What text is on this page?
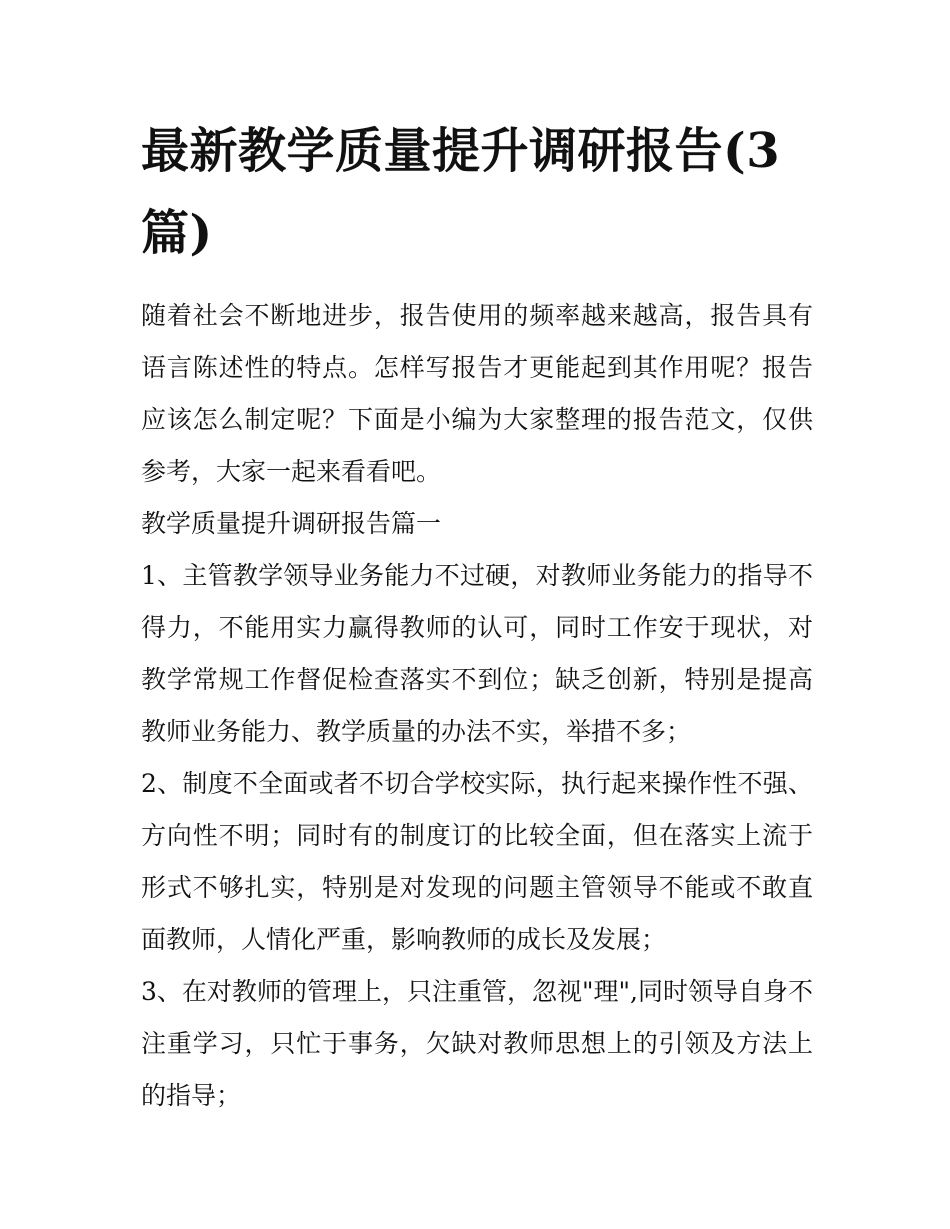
最新教学质量提升调研报告(3篇)

随着社会不断地进步，报告使用的频率越来越高，报告具有语言陈述性的特点。怎样写报告才更能起到其作用呢？报告应该怎么制定呢？下面是小编为大家整理的报告范文，仅供参考，大家一起来看看吧。

教学质量提升调研报告篇一

1、主管教学领导业务能力不过硬，对教师业务能力的指导不得力，不能用实力赢得教师的认可，同时工作安于现状，对教学常规工作督促检查落实不到位；缺乏创新，特别是提高教师业务能力、教学质量的办法不实，举措不多；

2、制度不全面或者不切合学校实际，执行起来操作性不强、方向性不明；同时有的制度订的比较全面，但在落实上流于形式不够扎实，特别是对发现的问题主管领导不能或不敢直面教师，人情化严重，影响教师的成长及发展；

3、在对教师的管理上，只注重管，忽视"理",同时领导自身不注重学习，只忙于事务，欠缺对教师思想上的引领及方法上的指导；
